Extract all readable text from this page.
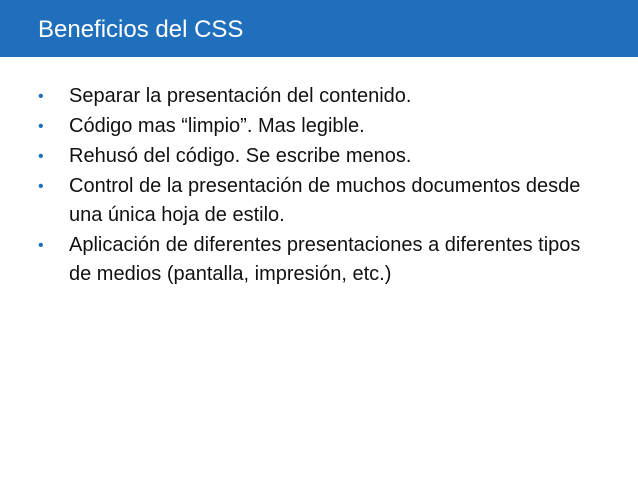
Beneficios del CSS
• Separar la presentación del contenido.
• Código mas “limpio”. Mas legible.
• Rehusó del código. Se escribe menos.
• Control de la presentación de muchos documentos desde una única hoja de estilo.
• Aplicación de diferentes presentaciones a diferentes tipos de medios (pantalla, impresión, etc.)
